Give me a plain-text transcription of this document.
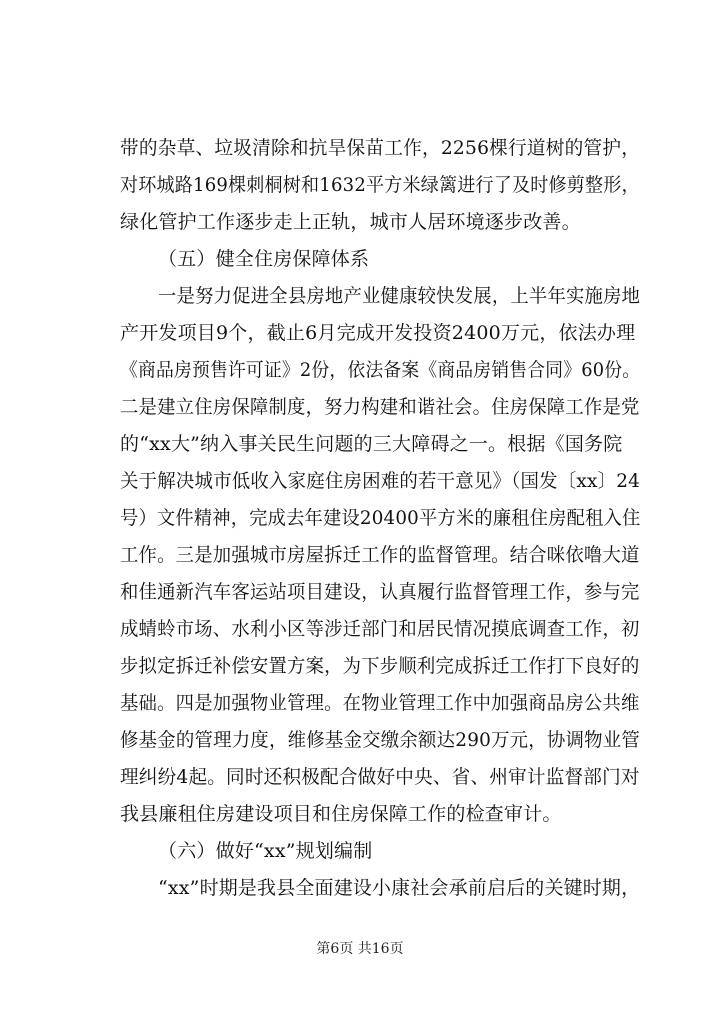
带的杂草、垃圾清除和抗旱保苗工作，2256棵行道树的管护，
对环城路169棵刺桐树和1632平方米绿篱进行了及时修剪整形，
绿化管护工作逐步走上正轨，城市人居环境逐步改善。
（五）健全住房保障体系
一是努力促进全县房地产业健康较快发展，上半年实施房地
产开发项目9个，截止6月完成开发投资2400万元，依法办理
《商品房预售许可证》2份，依法备案《商品房销售合同》60份。
二是建立住房保障制度，努力构建和谐社会。住房保障工作是党
的“xx大”纳入事关民生问题的三大障碍之一。根据《国务院
关于解决城市低收入家庭住房困难的若干意见》（国发〔xx〕24
号）文件精神，完成去年建设20400平方米的廉租住房配租入住
工作。三是加强城市房屋拆迁工作的监督管理。结合咪依噜大道
和佳通新汽车客运站项目建设，认真履行监督管理工作，参与完
成蜻蛉市场、水利小区等涉迁部门和居民情况摸底调查工作，初
步拟定拆迁补偿安置方案，为下步顺利完成拆迁工作打下良好的
基础。四是加强物业管理。在物业管理工作中加强商品房公共维
修基金的管理力度，维修基金交缴余额达290万元，协调物业管
理纠纷4起。同时还积极配合做好中央、省、州审计监督部门对
我县廉租住房建设项目和住房保障工作的检查审计。
（六）做好“xx”规划编制
“xx”时期是我县全面建设小康社会承前启后的关键时期，
第6页 共16页
